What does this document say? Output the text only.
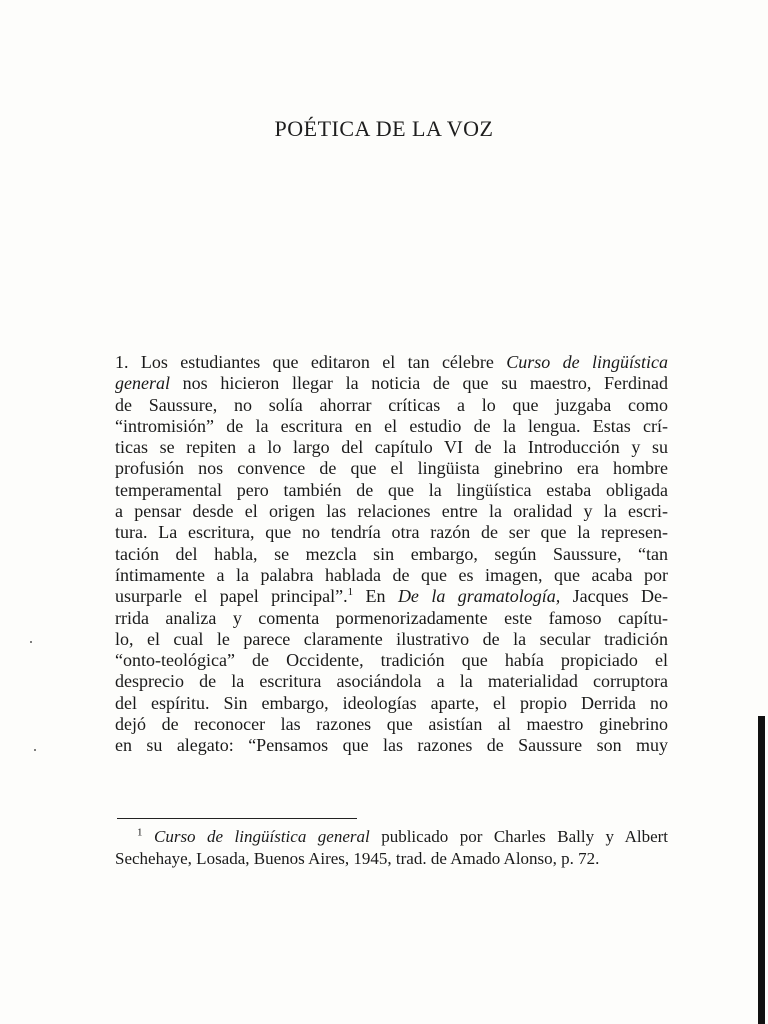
POÉTICA DE LA VOZ
1. Los estudiantes que editaron el tan célebre Curso de lingüística
general nos hicieron llegar la noticia de que su maestro, Ferdinad
de Saussure, no solía ahorrar críticas a lo que juzgaba como
“intromisión” de la escritura en el estudio de la lengua. Estas crí-
ticas se repiten a lo largo del capítulo VI de la Introducción y su
profusión nos convence de que el lingüista ginebrino era hombre
temperamental pero también de que la lingüística estaba obligada
a pensar desde el origen las relaciones entre la oralidad y la escri-
tura. La escritura, que no tendría otra razón de ser que la represen-
tación del habla, se mezcla sin embargo, según Saussure, “tan
íntimamente a la palabra hablada de que es imagen, que acaba por
usurparle el papel principal”.$^1$ En De la gramatología, Jacques De-
rrida analiza y comenta pormenorizadamente este famoso capítu-
lo, el cual le parece claramente ilustrativo de la secular tradición
“onto-teológica” de Occidente, tradición que había propiciado el
desprecio de la escritura asociándola a la materialidad corruptora
del espíritu. Sin embargo, ideologías aparte, el propio Derrida no
dejó de reconocer las razones que asistían al maestro ginebrino
en su alegato: “Pensamos que las razones de Saussure son muy
$^1$ Curso de lingüística general publicado por Charles Bally y Albert
Sechehaye, Losada, Buenos Aires, 1945, trad. de Amado Alonso, p. 72.
